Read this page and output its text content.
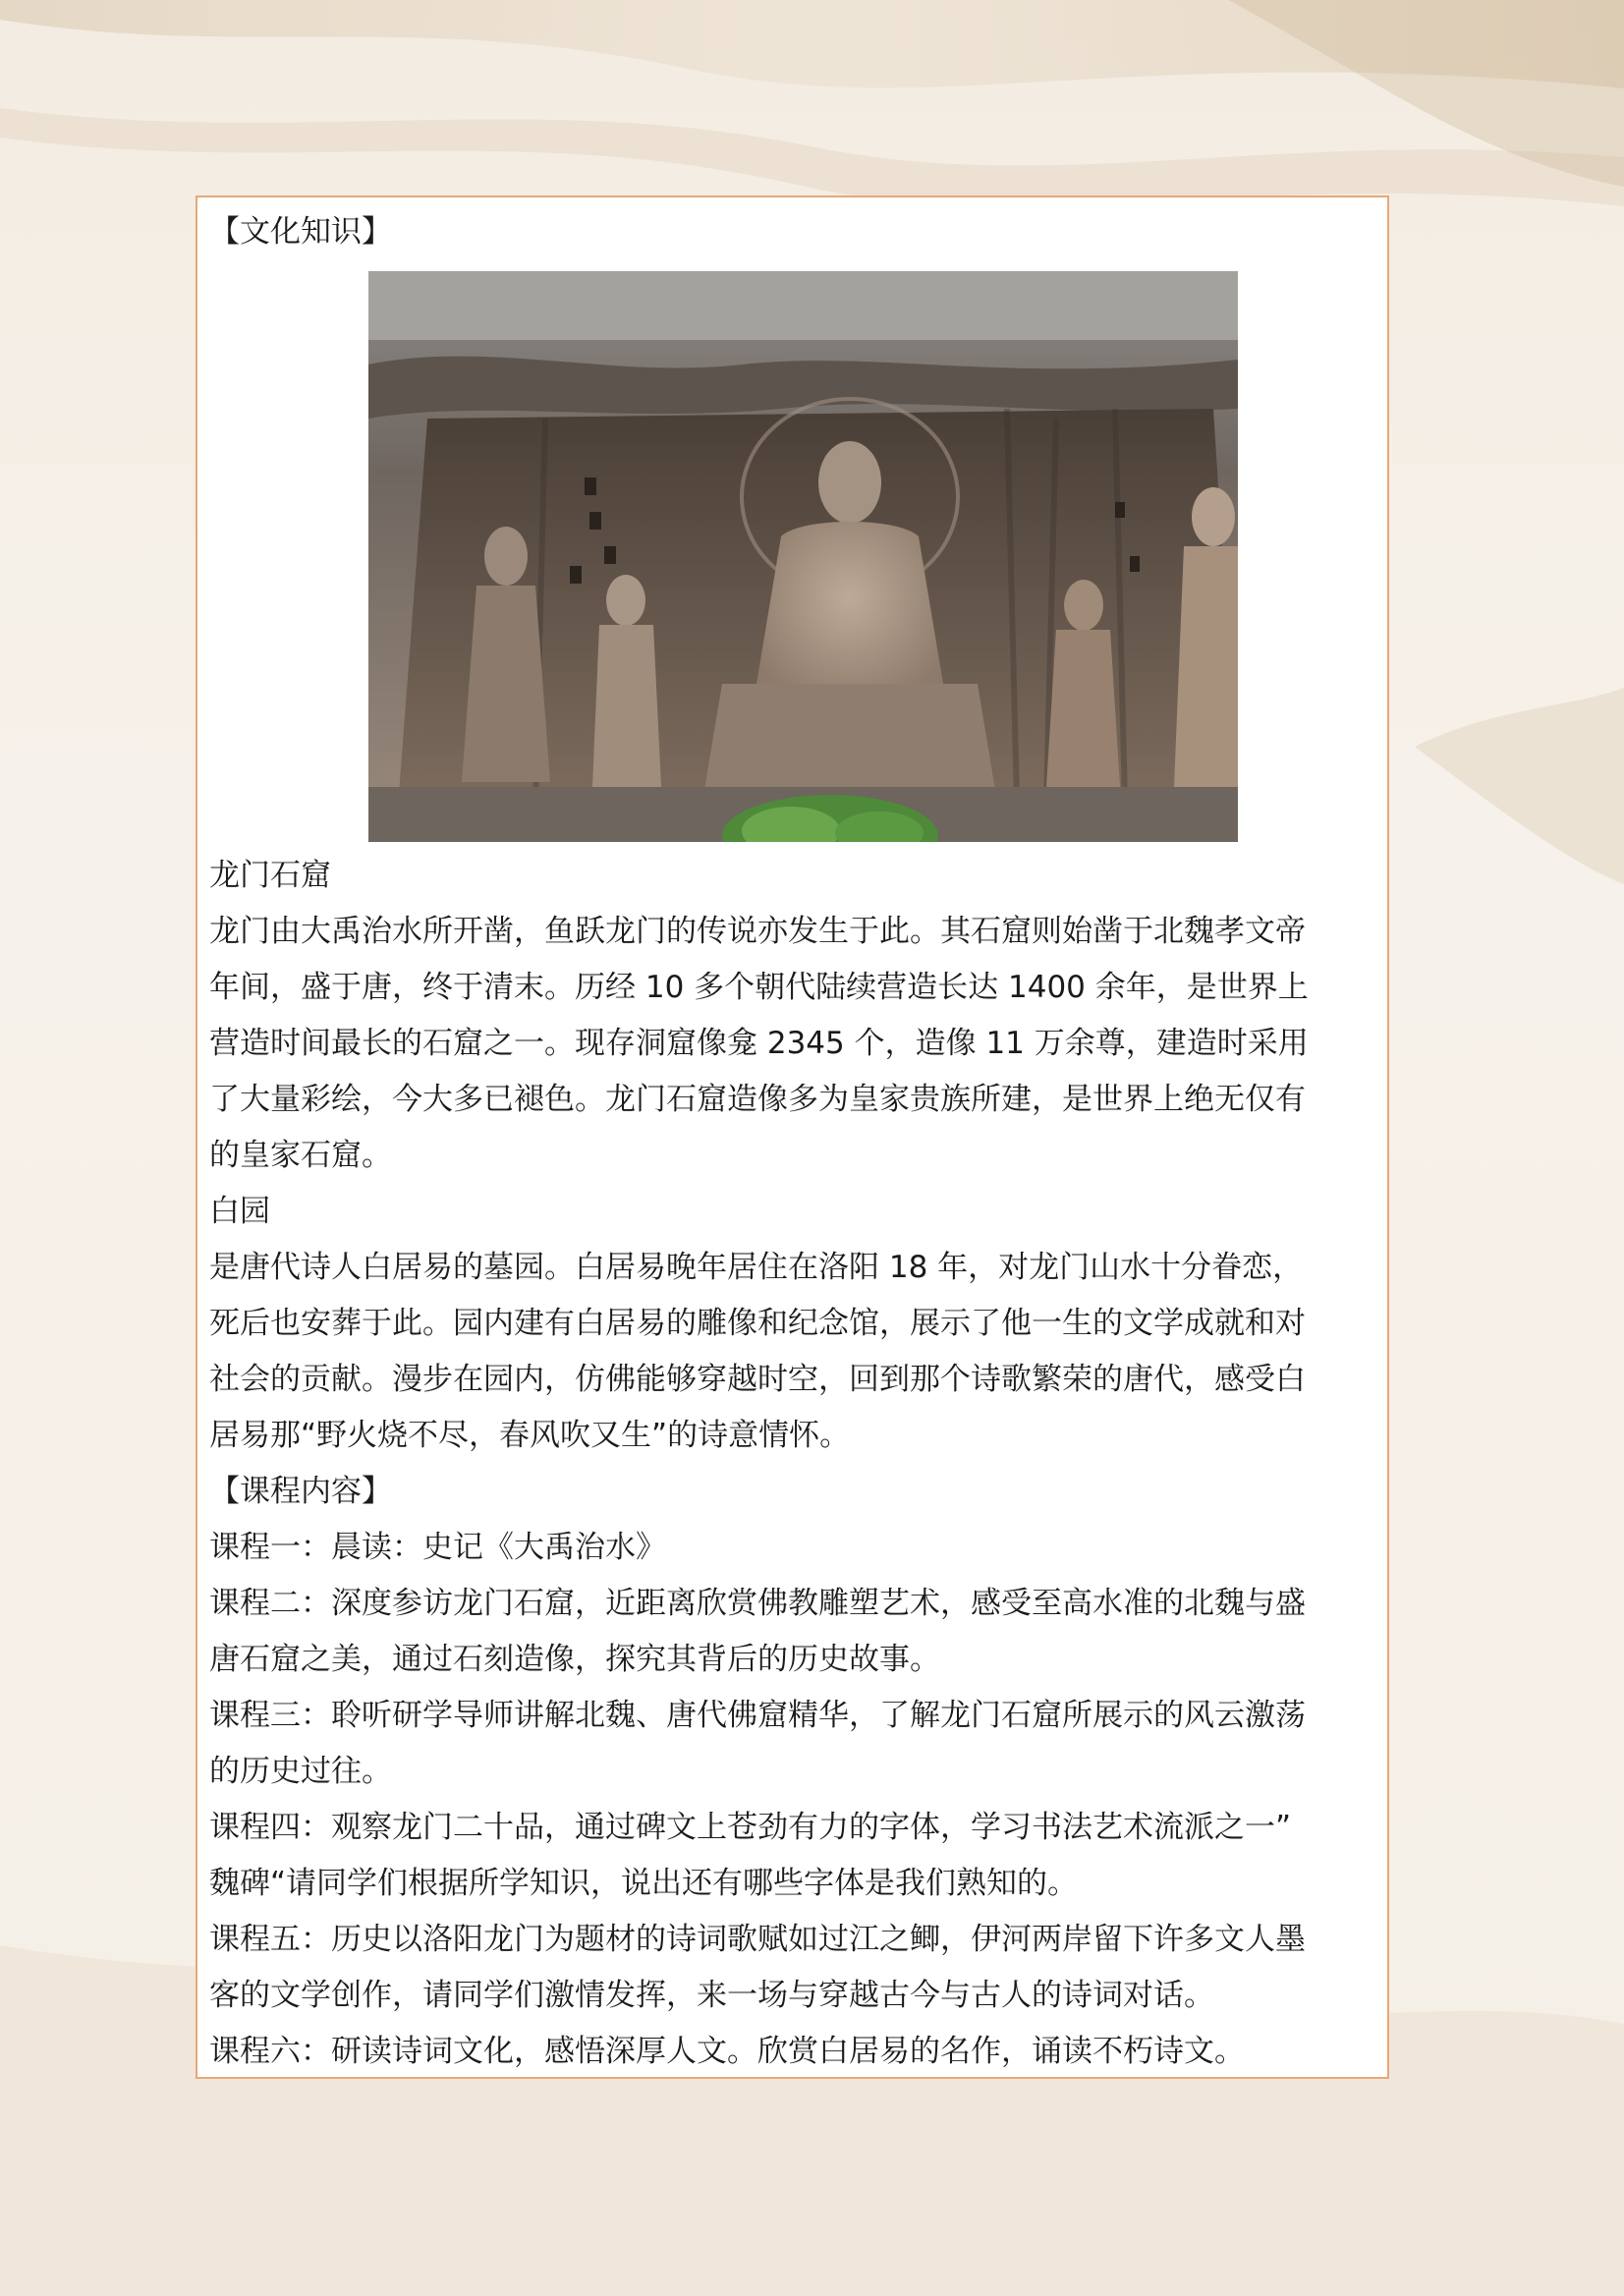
【文化知识】
龙门石窟
龙门由大禹治水所开凿，鱼跃龙门的传说亦发生于此。其石窟则始凿于北魏孝文帝
年间，盛于唐，终于清末。历经 10 多个朝代陆续营造长达 1400 余年，是世界上
营造时间最长的石窟之一。现存洞窟像龛 2345 个，造像 11 万余尊，建造时采用
了大量彩绘，今大多已褪色。龙门石窟造像多为皇家贵族所建，是世界上绝无仅有
的皇家石窟。
白园
是唐代诗人白居易的墓园。白居易晚年居住在洛阳 18 年，对龙门山水十分眷恋，
死后也安葬于此。园内建有白居易的雕像和纪念馆，展示了他一生的文学成就和对
社会的贡献。漫步在园内，仿佛能够穿越时空，回到那个诗歌繁荣的唐代，感受白
居易那“野火烧不尽，春风吹又生”的诗意情怀。
【课程内容】
课程一：晨读：史记《大禹治水》
课程二：深度参访龙门石窟，近距离欣赏佛教雕塑艺术，感受至高水准的北魏与盛
唐石窟之美，通过石刻造像，探究其背后的历史故事。
课程三：聆听研学导师讲解北魏、唐代佛窟精华，了解龙门石窟所展示的风云激荡
的历史过往。
课程四：观察龙门二十品，通过碑文上苍劲有力的字体，学习书法艺术流派之一”
魏碑“请同学们根据所学知识，说出还有哪些字体是我们熟知的。
课程五：历史以洛阳龙门为题材的诗词歌赋如过江之鲫，伊河两岸留下许多文人墨
客的文学创作，请同学们激情发挥，来一场与穿越古今与古人的诗词对话。
课程六：研读诗词文化，感悟深厚人文。欣赏白居易的名作，诵读不朽诗文。
